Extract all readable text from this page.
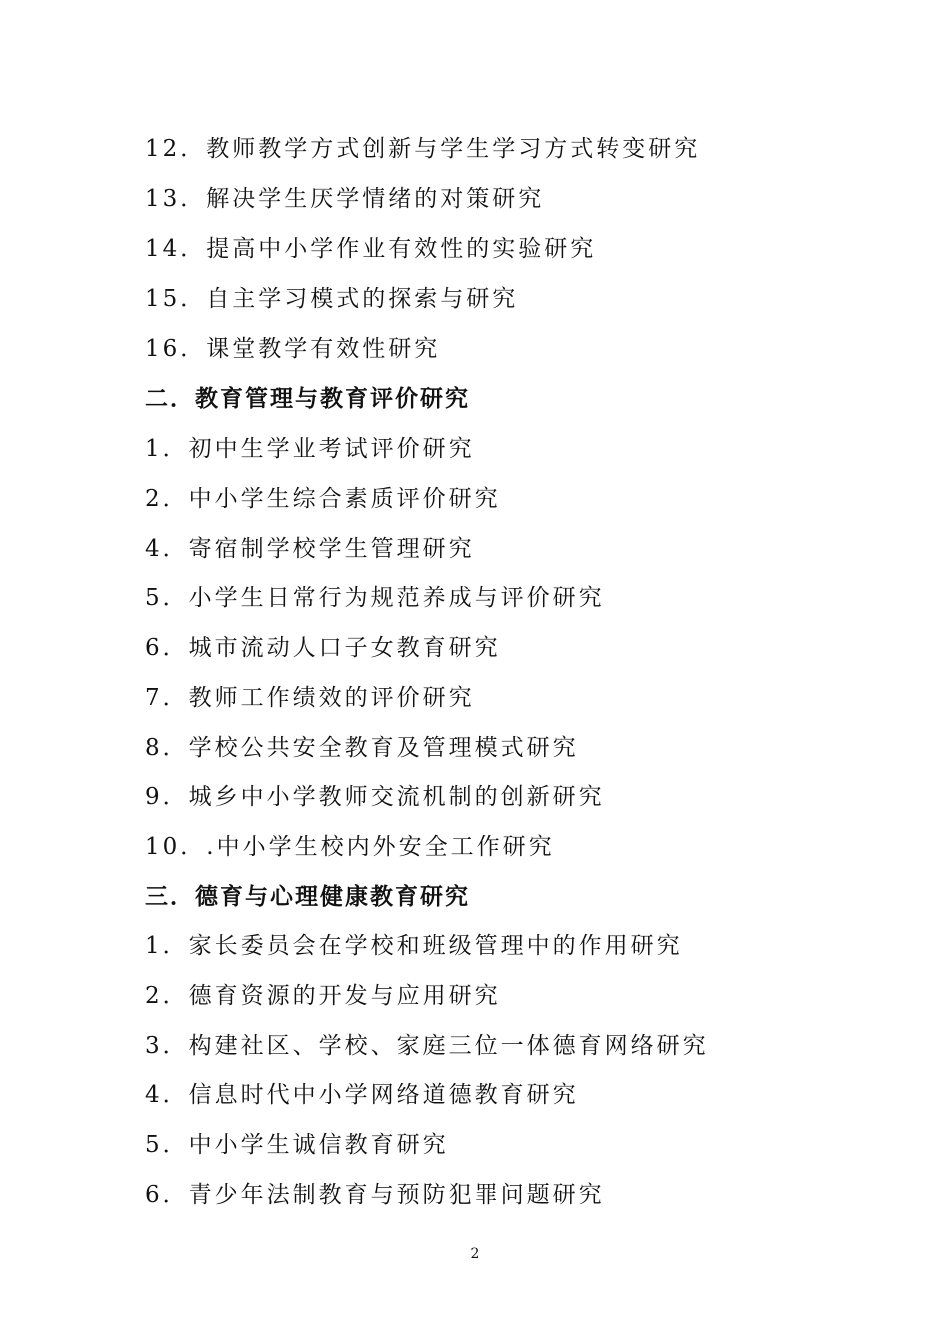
12．教师教学方式创新与学生学习方式转变研究
13．解决学生厌学情绪的对策研究
14．提高中小学作业有效性的实验研究
15．自主学习模式的探索与研究
16．课堂教学有效性研究
二．教育管理与教育评价研究
1．初中生学业考试评价研究
2．中小学生综合素质评价研究
4．寄宿制学校学生管理研究
5．小学生日常行为规范养成与评价研究
6．城市流动人口子女教育研究
7．教师工作绩效的评价研究
8．学校公共安全教育及管理模式研究
9．城乡中小学教师交流机制的创新研究
10．.中小学生校内外安全工作研究
三．德育与心理健康教育研究
1．家长委员会在学校和班级管理中的作用研究
2．德育资源的开发与应用研究
3．构建社区、学校、家庭三位一体德育网络研究
4．信息时代中小学网络道德教育研究
5．中小学生诚信教育研究
6．青少年法制教育与预防犯罪问题研究
2
